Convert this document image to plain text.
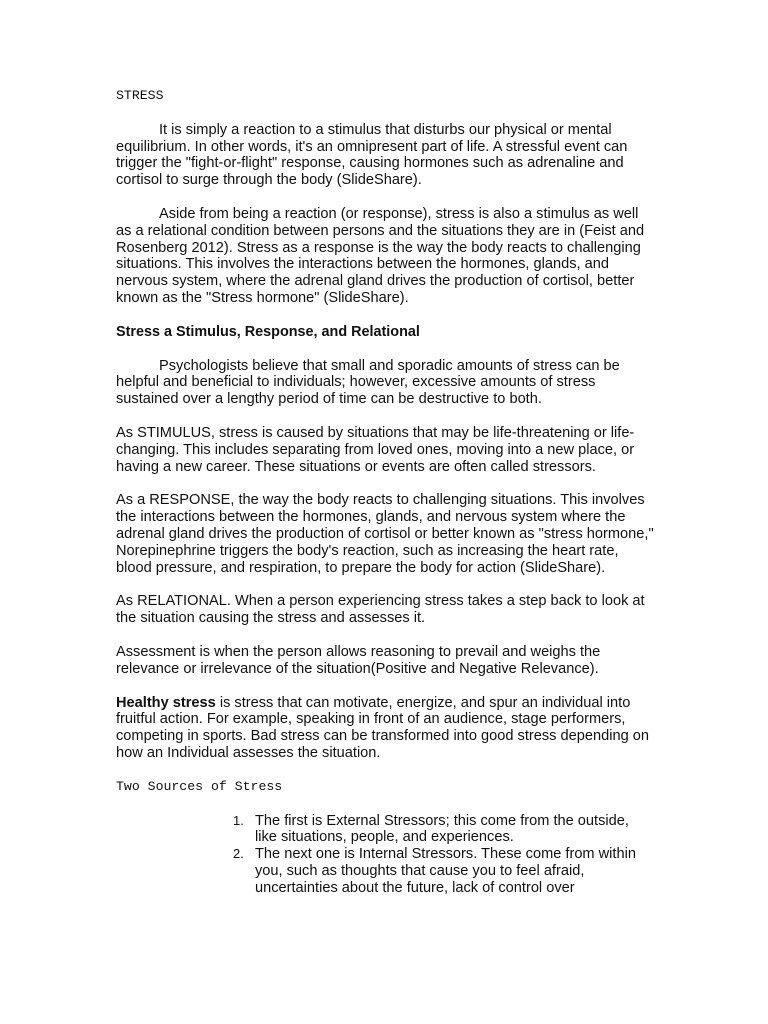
STRESS

It is simply a reaction to a stimulus that disturbs our physical or mental equilibrium. In other words, it's an omnipresent part of life. A stressful event can trigger the "fight-or-flight" response, causing hormones such as adrenaline and cortisol to surge through the body (SlideShare).

Aside from being a reaction (or response), stress is also a stimulus as well as a relational condition between persons and the situations they are in (Feist and Rosenberg 2012). Stress as a response is the way the body reacts to challenging situations. This involves the interactions between the hormones, glands, and nervous system, where the adrenal gland drives the production of cortisol, better known as the "Stress hormone" (SlideShare).

Stress a Stimulus, Response, and Relational

Psychologists believe that small and sporadic amounts of stress can be helpful and beneficial to individuals; however, excessive amounts of stress sustained over a lengthy period of time can be destructive to both.

As STIMULUS, stress is caused by situations that may be life-threatening or life-changing. This includes separating from loved ones, moving into a new place, or having a new career. These situations or events are often called stressors.

As a RESPONSE, the way the body reacts to challenging situations. This involves the interactions between the hormones, glands, and nervous system where the adrenal gland drives the production of cortisol or better known as "stress hormone," Norepinephrine triggers the body's reaction, such as increasing the heart rate, blood pressure, and respiration, to prepare the body for action (SlideShare).

As RELATIONAL. When a person experiencing stress takes a step back to look at the situation causing the stress and assesses it.

Assessment is when the person allows reasoning to prevail and weighs the relevance or irrelevance of the situation(Positive and Negative Relevance).

Healthy stress is stress that can motivate, energize, and spur an individual into fruitful action. For example, speaking in front of an audience, stage performers, competing in sports. Bad stress can be transformed into good stress depending on how an Individual assesses the situation.

Two Sources of Stress
1. The first is External Stressors; this come from the outside, like situations, people, and experiences.
2. The next one is Internal Stressors. These come from within you, such as thoughts that cause you to feel afraid, uncertainties about the future, lack of control over
